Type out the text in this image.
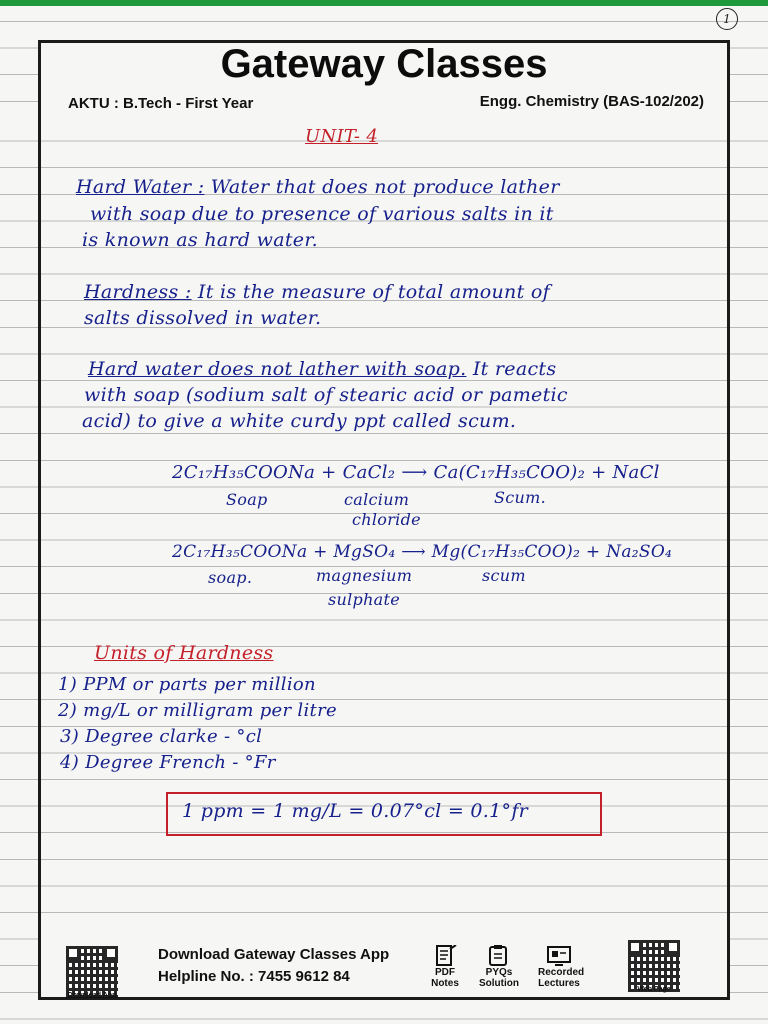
1
Gateway Classes
AKTU : B.Tech - First Year	Engg. Chemistry (BAS-102/202)
UNIT- 4
Hard Water : Water that does not produce lather
with soap due to presence of various salts in it
is known as hard water.
Hardness : It is the measure of total amount of
salts dissolved in water.
Hard water does not lather with soap. It reacts
with soap (sodium salt of stearic acid or pametic
acid) to give a white curdy ppt called scum.
2C₁₇H₃₅COONa + CaCl₂ ⟶ Ca(C₁₇H₃₅COO)₂ + NaCl
Soap	calcium
chloride
Scum.
2C₁₇H₃₅COONa + MgSO₄ ⟶ Mg(C₁₇H₃₅COO)₂ + Na₂SO₄
soap.	magnesium
sulphate
scum
Units of Hardness
1) PPM or parts per million
2) mg/L or milligram per litre
3) Degree clarke - °cl
4) Degree French - °Fr
1 ppm = 1 mg/L = 0.07°cl = 0.1°fr
Download App
Download Gateway Classes App
Helpline No. : 7455 9612 84	PDF
Notes
PYQs
Solution
Recorded
Lectures
Web Page
